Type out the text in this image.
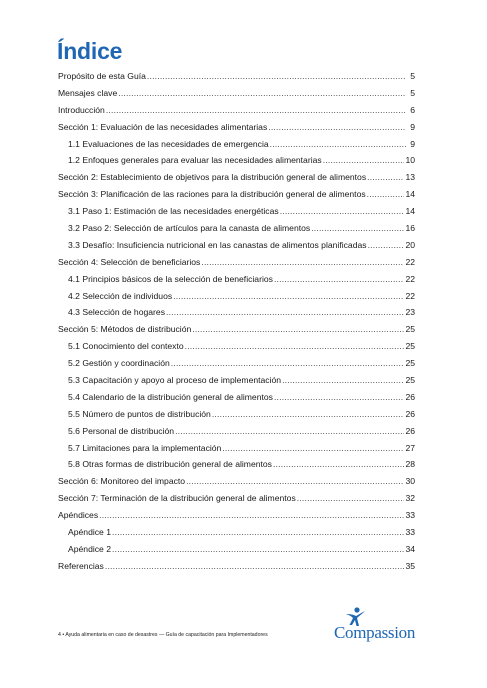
Índice
Propósito de esta Guía .....	5
Mensajes clave .....	5
Introducción .....	6
Sección 1: Evaluación de las necesidades alimentarias .....	9
1.1 Evaluaciones de las necesidades de emergencia .....	9
1.2 Enfoques generales para evaluar las necesidades alimentarias .....	10
Sección 2: Establecimiento de objetivos para la distribución general de alimentos .....	13
Sección 3: Planificación de las raciones para la distribución general de alimentos .....	14
3.1 Paso 1: Estimación de las necesidades energéticas .....	14
3.2 Paso 2: Selección de artículos para la canasta de alimentos .....	16
3.3 Desafío: Insuficiencia nutricional en las canastas de alimentos planificadas .....	20
Sección 4: Selección de beneficiarios .....	22
4.1 Principios básicos de la selección de beneficiarios .....	22
4.2 Selección de individuos .....	22
4.3 Selección de hogares .....	23
Sección 5: Métodos de distribución .....	25
5.1 Conocimiento del contexto .....	25
5.2 Gestión y coordinación .....	25
5.3 Capacitación y apoyo al proceso de implementación .....	25
5.4 Calendario de la distribución general de alimentos .....	26
5.5 Número de puntos de distribución .....	26
5.6 Personal de distribución .....	26
5.7 Limitaciones para la implementación .....	27
5.8 Otras formas de distribución general de alimentos .....	28
Sección 6: Monitoreo del impacto .....	30
Sección 7: Terminación de la distribución general de alimentos .....	32
Apéndices .....	33
Apéndice 1 .....	33
Apéndice 2 .....	34
Referencias .....	35
4 • Ayuda alimentaria en caso de desastres — Guía de capacitación para Implementadores	Compassion
